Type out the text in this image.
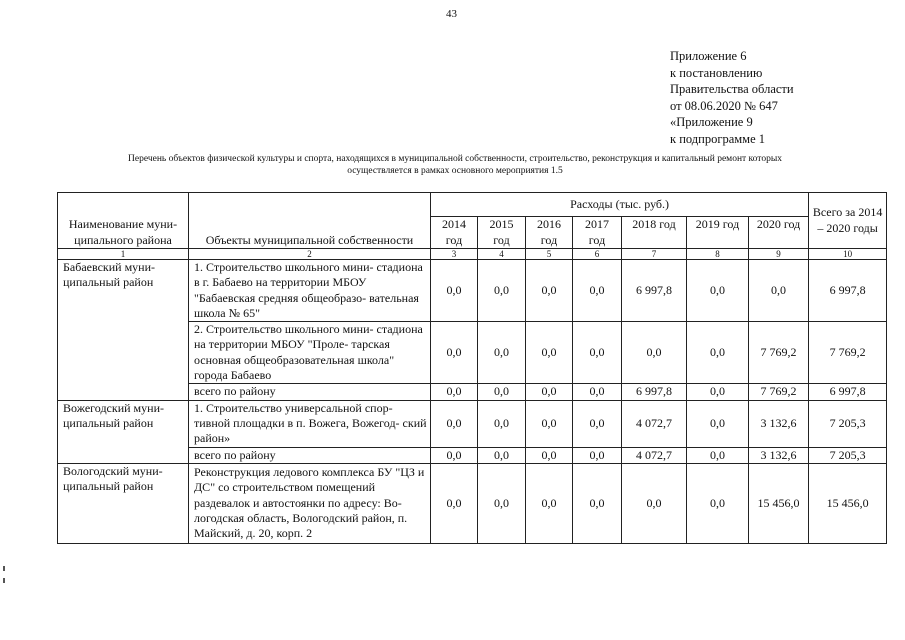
43
Приложение 6
к постановлению
Правительства области
от 08.06.2020 № 647
«Приложение 9
к подпрограмме 1
Перечень объектов физической культуры и спорта, находящихся в муниципальной собственности, строительство, реконструкция и капитальный ремонт которых
осуществляется в рамках основного мероприятия 1.5
Наименование муни- ципального района	Объекты муниципальной собственности	Расходы (тыс. руб.)							Всего за 2014 – 2020 годы
		2014 год	2015 год	2016 год	2017 год	2018 год	2019 год	2020 год	
1	2	3	4	5	6	7	8	9	10
Бабаевский муни- ципальный район	1. Строительство школьного мини- стадиона в г. Бабаево на территории МБОУ "Бабаевская средняя общеобразо- вательная школа № 65"	0,0	0,0	0,0	0,0	6 997,8	0,0	0,0	6 997,8
	2. Строительство школьного мини- стадиона на территории МБОУ "Проле- тарская основная общеобразовательная школа" города Бабаево	0,0	0,0	0,0	0,0	0,0	0,0	7 769,2	7 769,2
	всего по району	0,0	0,0	0,0	0,0	6 997,8	0,0	7 769,2	6 997,8
Вожегодский муни- ципальный район	1. Строительство универсальной спор- тивной площадки в п. Вожега, Вожегод- ский район»	0,0	0,0	0,0	0,0	4 072,7	0,0	3 132,6	7 205,3
	всего по району	0,0	0,0	0,0	0,0	4 072,7	0,0	3 132,6	7 205,3
Вологодский муни- ципальный район	Реконструкция ледового комплекса БУ "ЦЗ и ДС" со строительством помещений раздевалок и автостоянки по адресу: Во- логодская область, Вологодский район, п. Майский, д. 20, корп. 2	0,0	0,0	0,0	0,0	0,0	0,0	15 456,0	15 456,0
